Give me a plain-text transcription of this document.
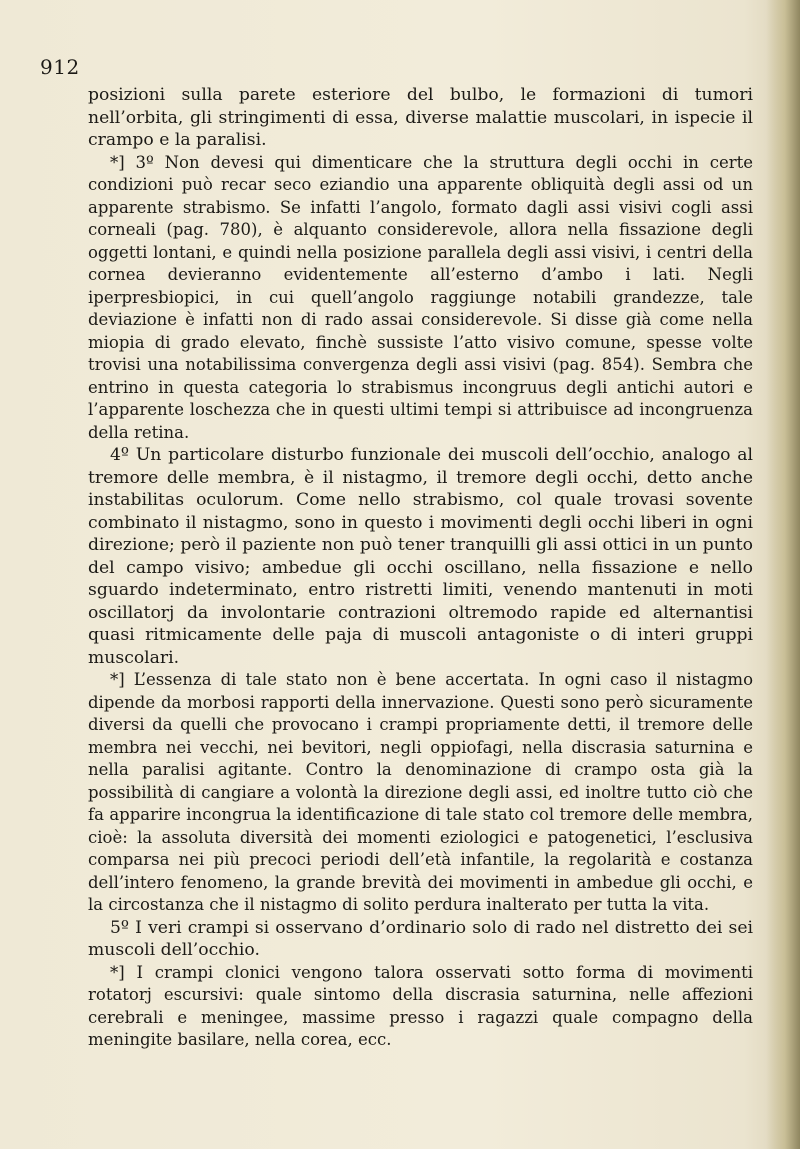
912

posizioni sulla parete esteriore del bulbo, le formazioni di tumori nell’orbita, gli stringimenti di essa, diverse malattie muscolari, in ispecie il crampo e la paralisi.

*] 3º Non devesi qui dimenticare che la struttura degli occhi in certe condizioni può recar seco eziandio una apparente obliquità degli assi od un apparente strabismo. Se infatti l’angolo, formato dagli assi visivi cogli assi corneali (pag. 780), è alquanto considerevole, allora nella fissazione degli oggetti lontani, e quindi nella posizione parallela degli assi visivi, i centri della cornea devieranno evidentemente all’esterno d’ambo i lati. Negli iperpresbiopici, in cui quell’angolo raggiunge notabili grandezze, tale deviazione è infatti non di rado assai considerevole. Si disse già come nella miopia di grado elevato, finchè sussiste l’atto visivo comune, spesse volte trovisi una notabilissima convergenza degli assi visivi (pag. 854). Sembra che entrino in questa categoria lo strabismus incongruus degli antichi autori e l’apparente loschezza che in questi ultimi tempi si attribuisce ad incongruenza della retina.

4º Un particolare disturbo funzionale dei muscoli dell’occhio, analogo al tremore delle membra, è il nistagmo, il tremore degli occhi, detto anche instabilitas oculorum. Come nello strabismo, col quale trovasi sovente combinato il nistagmo, sono in questo i movimenti degli occhi liberi in ogni direzione; però il paziente non può tener tranquilli gli assi ottici in un punto del campo visivo; ambedue gli occhi oscillano, nella fissazione e nello sguardo indeterminato, entro ristretti limiti, venendo mantenuti in moti oscillatorj da involontarie contrazioni oltremodo rapide ed alternantisi quasi ritmicamente delle paja di muscoli antagoniste o di interi gruppi muscolari.

*] L’essenza di tale stato non è bene accertata. In ogni caso il nistagmo dipende da morbosi rapporti della innervazione. Questi sono però sicuramente diversi da quelli che provocano i crampi propriamente detti, il tremore delle membra nei vecchi, nei bevitori, negli oppiofagi, nella discrasia saturnina e nella paralisi agitante. Contro la denominazione di crampo osta già la possibilità di cangiare a volontà la direzione degli assi, ed inoltre tutto ciò che fa apparire incongrua la identificazione di tale stato col tremore delle membra, cioè: la assoluta diversità dei momenti eziologici e patogenetici, l’esclusiva comparsa nei più precoci periodi dell’età infantile, la regolarità e costanza dell’intero fenomeno, la grande brevità dei movimenti in ambedue gli occhi, e la circostanza che il nistagmo di solito perdura inalterato per tutta la vita.

5º I veri crampi si osservano d’ordinario solo di rado nel distretto dei sei muscoli dell’occhio.

*] I crampi clonici vengono talora osservati sotto forma di movimenti rotatorj escursivi: quale sintomo della discrasia saturnina, nelle affezioni cerebrali e meningee, massime presso i ragazzi quale compagno della meningite basilare, nella corea, ecc.
